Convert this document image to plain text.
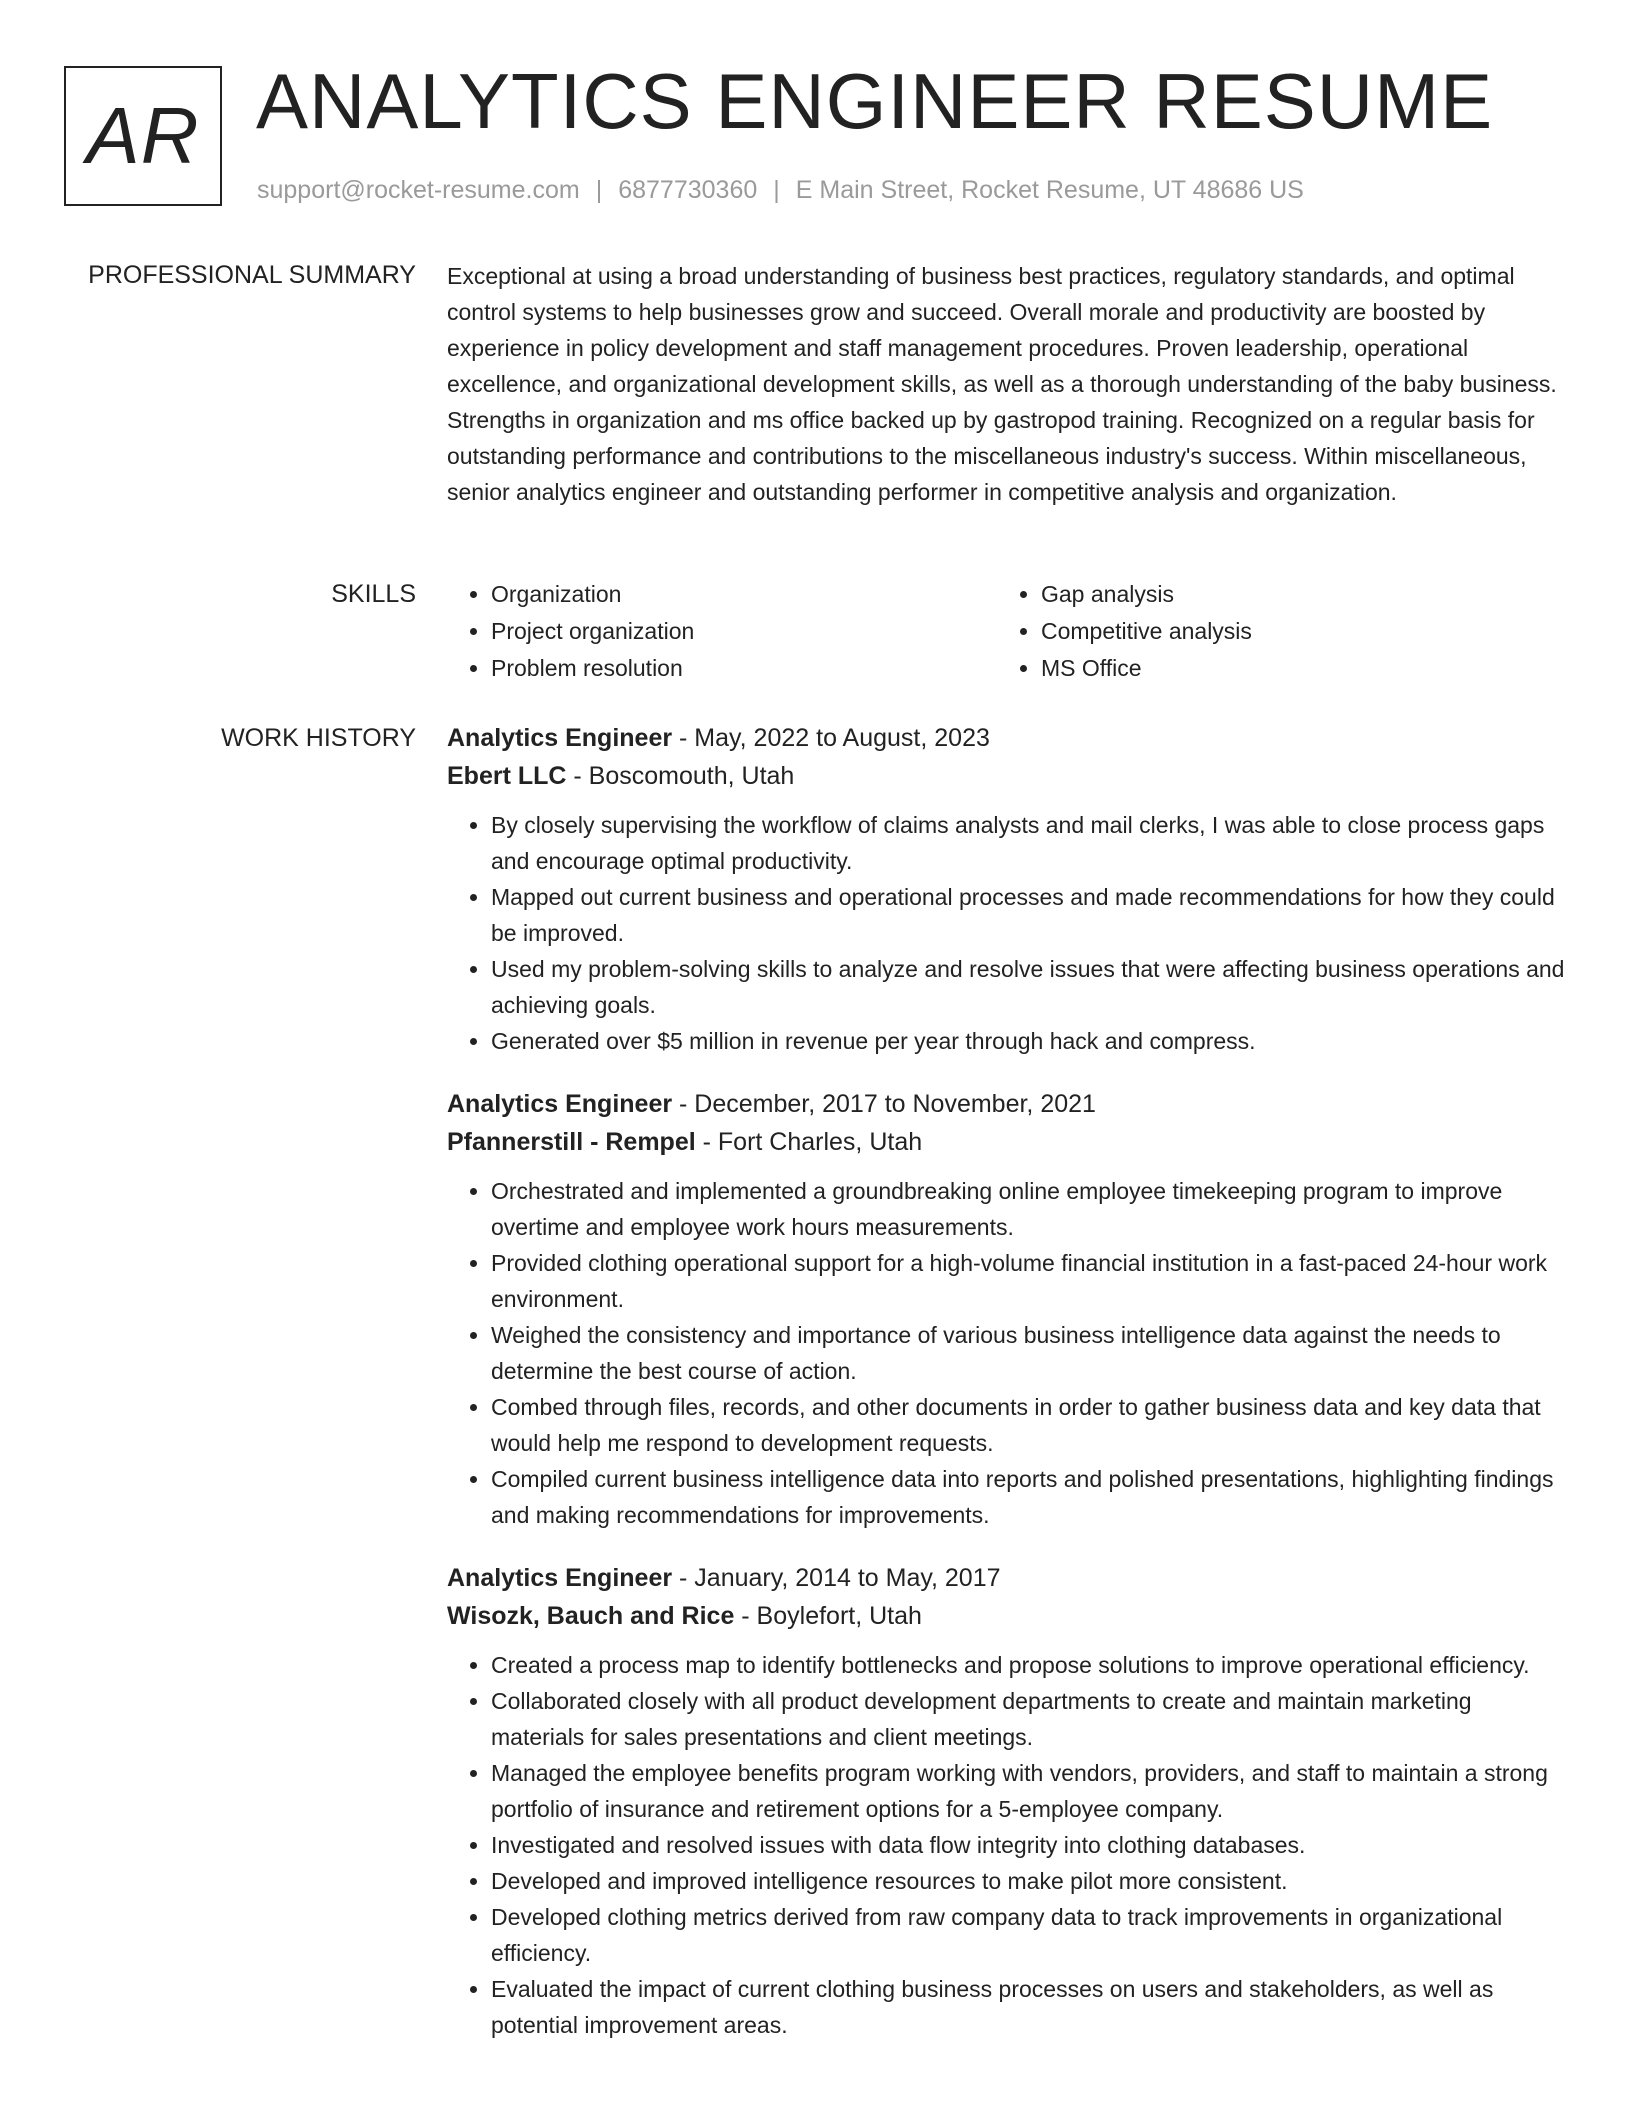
AR ANALYTICS ENGINEER RESUME
support@rocket-resume.com | 6877730360 | E Main Street, Rocket Resume, UT 48686 US
PROFESSIONAL SUMMARY Exceptional at using a broad understanding of business best practices, regulatory standards, and optimal control systems to help businesses grow and succeed. Overall morale and productivity are boosted by experience in policy development and staff management procedures. Proven leadership, operational excellence, and organizational development skills, as well as a thorough understanding of the baby business. Strengths in organization and ms office backed up by gastropod training. Recognized on a regular basis for outstanding performance and contributions to the miscellaneous industry's success. Within miscellaneous, senior analytics engineer and outstanding performer in competitive analysis and organization.

SKILLS
•	Organization
• Project organization
• Problem resolution
• Gap analysis
• Competitive analysis
• MS Office
WORK HISTORY Analytics Engineer - May, 2022 to August, 2023
Ebert LLC - Boscomouth, Utah
• By closely supervising the workflow of claims analysts and mail clerks, I was able to close process gaps and encourage optimal productivity.
• Mapped out current business and operational processes and made recommendations for how they could be improved.
• Used my problem-solving skills to analyze and resolve issues that were affecting business operations and achieving goals.
• Generated over $5 million in revenue per year through hack and compress.
Analytics Engineer - December, 2017 to November, 2021
Pfannerstill - Rempel - Fort Charles, Utah
• Orchestrated and implemented a groundbreaking online employee timekeeping program to improve overtime and employee work hours measurements.
• Provided clothing operational support for a high-volume financial institution in a fast-paced 24-hour work environment.
• Weighed the consistency and importance of various business intelligence data against the needs to determine the best course of action.
• Combed through files, records, and other documents in order to gather business data and key data that would help me respond to development requests.
• Compiled current business intelligence data into reports and polished presentations, highlighting findings and making recommendations for improvements.
Analytics Engineer - January, 2014 to May, 2017
Wisozk, Bauch and Rice - Boylefort, Utah
• Created a process map to identify bottlenecks and propose solutions to improve operational efficiency.
• Collaborated closely with all product development departments to create and maintain marketing materials for sales presentations and client meetings.
• Managed the employee benefits program working with vendors, providers, and staff to maintain a strong portfolio of insurance and retirement options for a 5-employee company.
• Investigated and resolved issues with data flow integrity into clothing databases.
• Developed and improved intelligence resources to make pilot more consistent.
• Developed clothing metrics derived from raw company data to track improvements in organizational efficiency.
• Evaluated the impact of current clothing business processes on users and stakeholders, as well as potential improvement areas.
